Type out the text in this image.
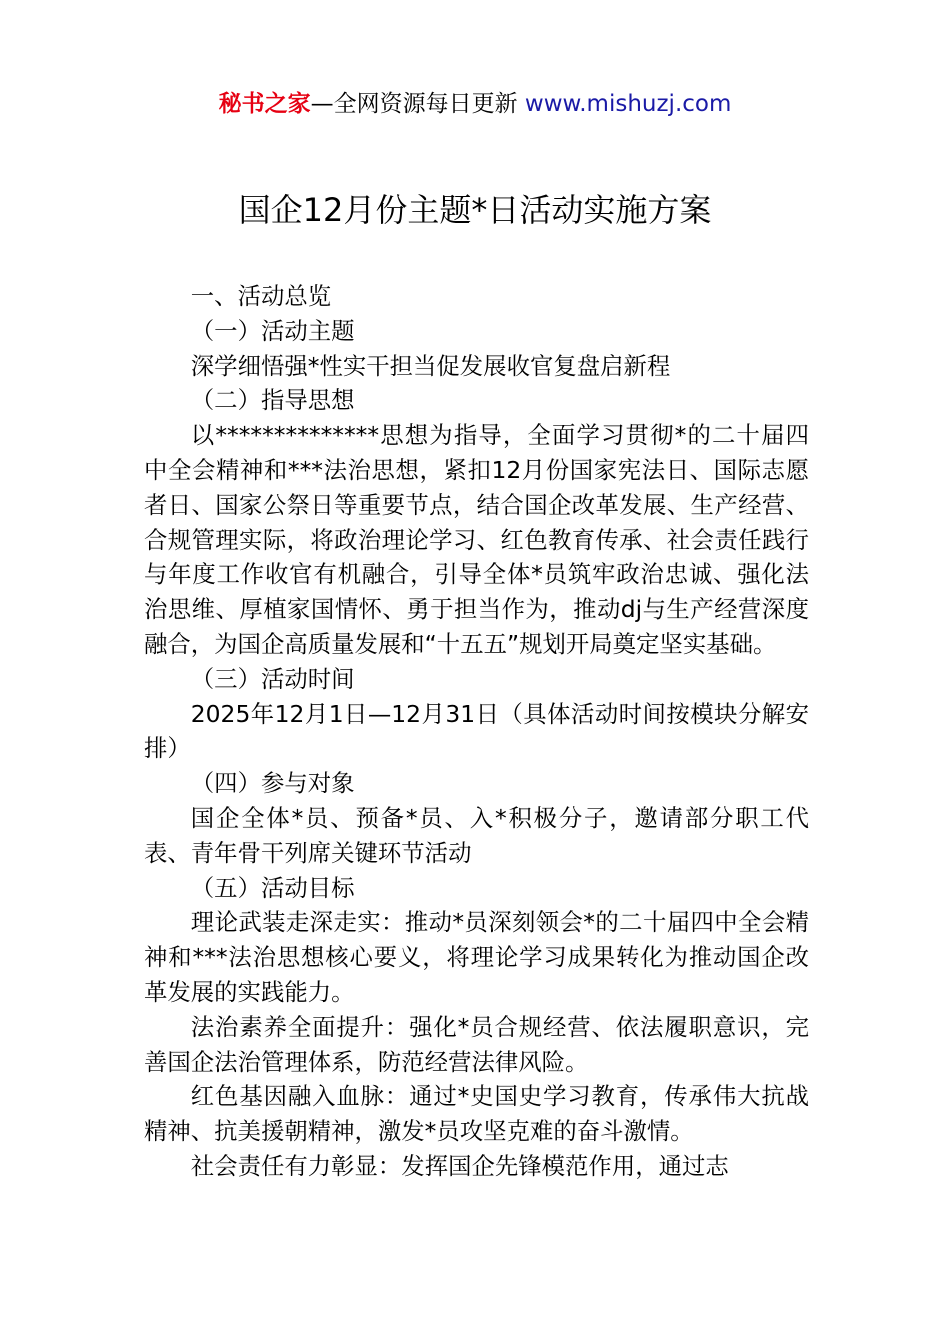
秘书之家—全网资源每日更新 www.mishuzj.com
国企12月份主题*日活动实施方案

一、活动总览

（一）活动主题

深学细悟强*性实干担当促发展收官复盘启新程

（二）指导思想

以**************思想为指导，全面学习贯彻*的二十届四中全会精神和***法治思想，紧扣12月份国家宪法日、国际志愿者日、国家公祭日等重要节点，结合国企改革发展、生产经营、合规管理实际，将政治理论学习、红色教育传承、社会责任践行与年度工作收官有机融合，引导全体*员筑牢政治忠诚、强化法治思维、厚植家国情怀、勇于担当作为，推动dj与生产经营深度融合，为国企高质量发展和“十五五”规划开局奠定坚实基础。

（三）活动时间

2025年12月1日—12月31日（具体活动时间按模块分解安排）

（四）参与对象

国企全体*员、预备*员、入*积极分子，邀请部分职工代表、青年骨干列席关键环节活动

（五）活动目标

理论武装走深走实：推动*员深刻领会*的二十届四中全会精神和***法治思想核心要义，将理论学习成果转化为推动国企改革发展的实践能力。

法治素养全面提升：强化*员合规经营、依法履职意识，完善国企法治管理体系，防范经营法律风险。

红色基因融入血脉：通过*史国史学习教育，传承伟大抗战精神、抗美援朝精神，激发*员攻坚克难的奋斗激情。

社会责任有力彰显：发挥国企先锋模范作用，通过志
